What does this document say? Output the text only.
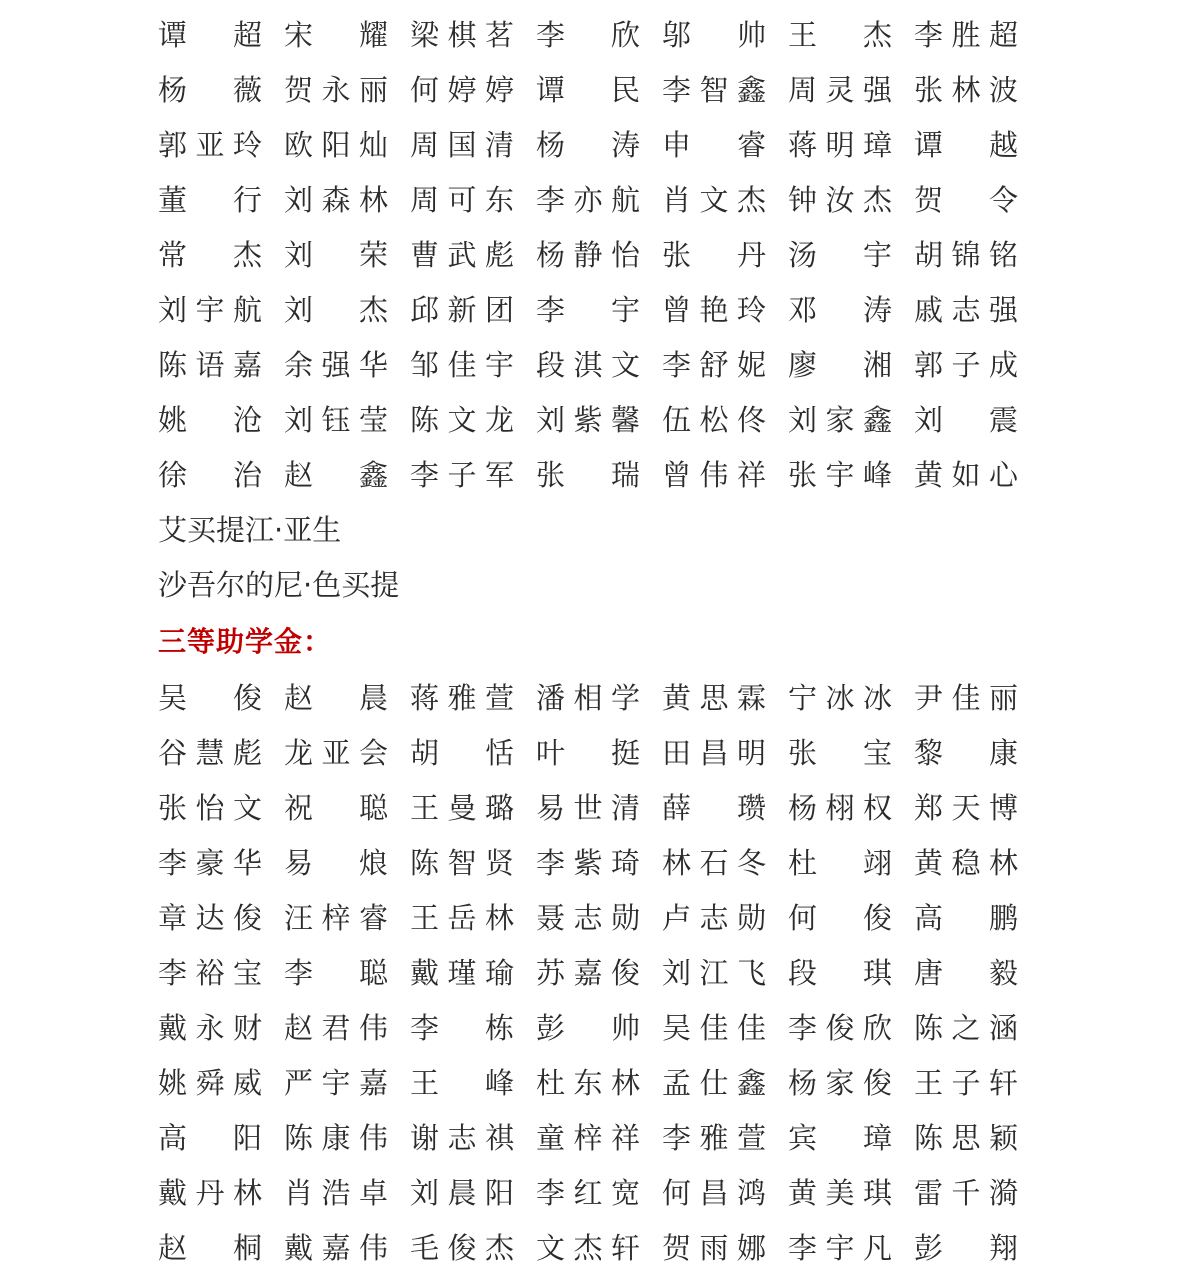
谭 超 宋 耀 梁 棋 茗 李 欣 邬 帅 王 杰 李 胜 超
杨 薇 贺 永 丽 何 婷 婷 谭 民 李 智 鑫 周 灵 强 张 林 波
郭 亚 玲 欧 阳 灿 周 国 清 杨 涛 申 睿 蒋 明 璋 谭 越
董 行 刘 森 林 周 可 东 李 亦 航 肖 文 杰 钟 汝 杰 贺 令
常 杰 刘 荣 曹 武 彪 杨 静 怡 张 丹 汤 宇 胡 锦 铭
刘 宇 航 刘 杰 邱 新 团 李 宇 曾 艳 玲 邓 涛 戚 志 强
陈 语 嘉 余 强 华 邹 佳 宇 段 淇 文 李 舒 妮 廖 湘 郭 子 成
姚 沧 刘 钰 莹 陈 文 龙 刘 紫 馨 伍 松 佟 刘 家 鑫 刘 震
徐 治 赵 鑫 李 子 军 张 瑞 曾 伟 祥 张 宇 峰 黄 如 心
艾买提江·亚生
沙吾尔的尼·色买提
三等助学金：
吴 俊 赵 晨 蒋 雅 萱 潘 相 学 黄 思 霖 宁 冰 冰 尹 佳 丽
谷 慧 彪 龙 亚 会 胡 恬 叶 挺 田 昌 明 张 宝 黎 康
张 怡 文 祝 聪 王 曼 璐 易 世 清 薛 瓒 杨 栩 权 郑 天 博
李 豪 华 易 烺 陈 智 贤 李 紫 琦 林 石 冬 杜 翊 黄 稳 林
章 达 俊 汪 梓 睿 王 岳 林 聂 志 勋 卢 志 勋 何 俊 高 鹏
李 裕 宝 李 聪 戴 瑾 瑜 苏 嘉 俊 刘 江 飞 段 琪 唐 毅
戴 永 财 赵 君 伟 李 栋 彭 帅 吴 佳 佳 李 俊 欣 陈 之 涵
姚 舜 威 严 宇 嘉 王 峰 杜 东 林 孟 仕 鑫 杨 家 俊 王 子 轩
高 阳 陈 康 伟 谢 志 祺 童 梓 祥 李 雅 萱 宾 璋 陈 思 颖
戴 丹 林 肖 浩 卓 刘 晨 阳 李 红 宽 何 昌 鸿 黄 美 琪 雷 千 漪
赵 桐 戴 嘉 伟 毛 俊 杰 文 杰 轩 贺 雨 娜 李 宇 凡 彭 翔
